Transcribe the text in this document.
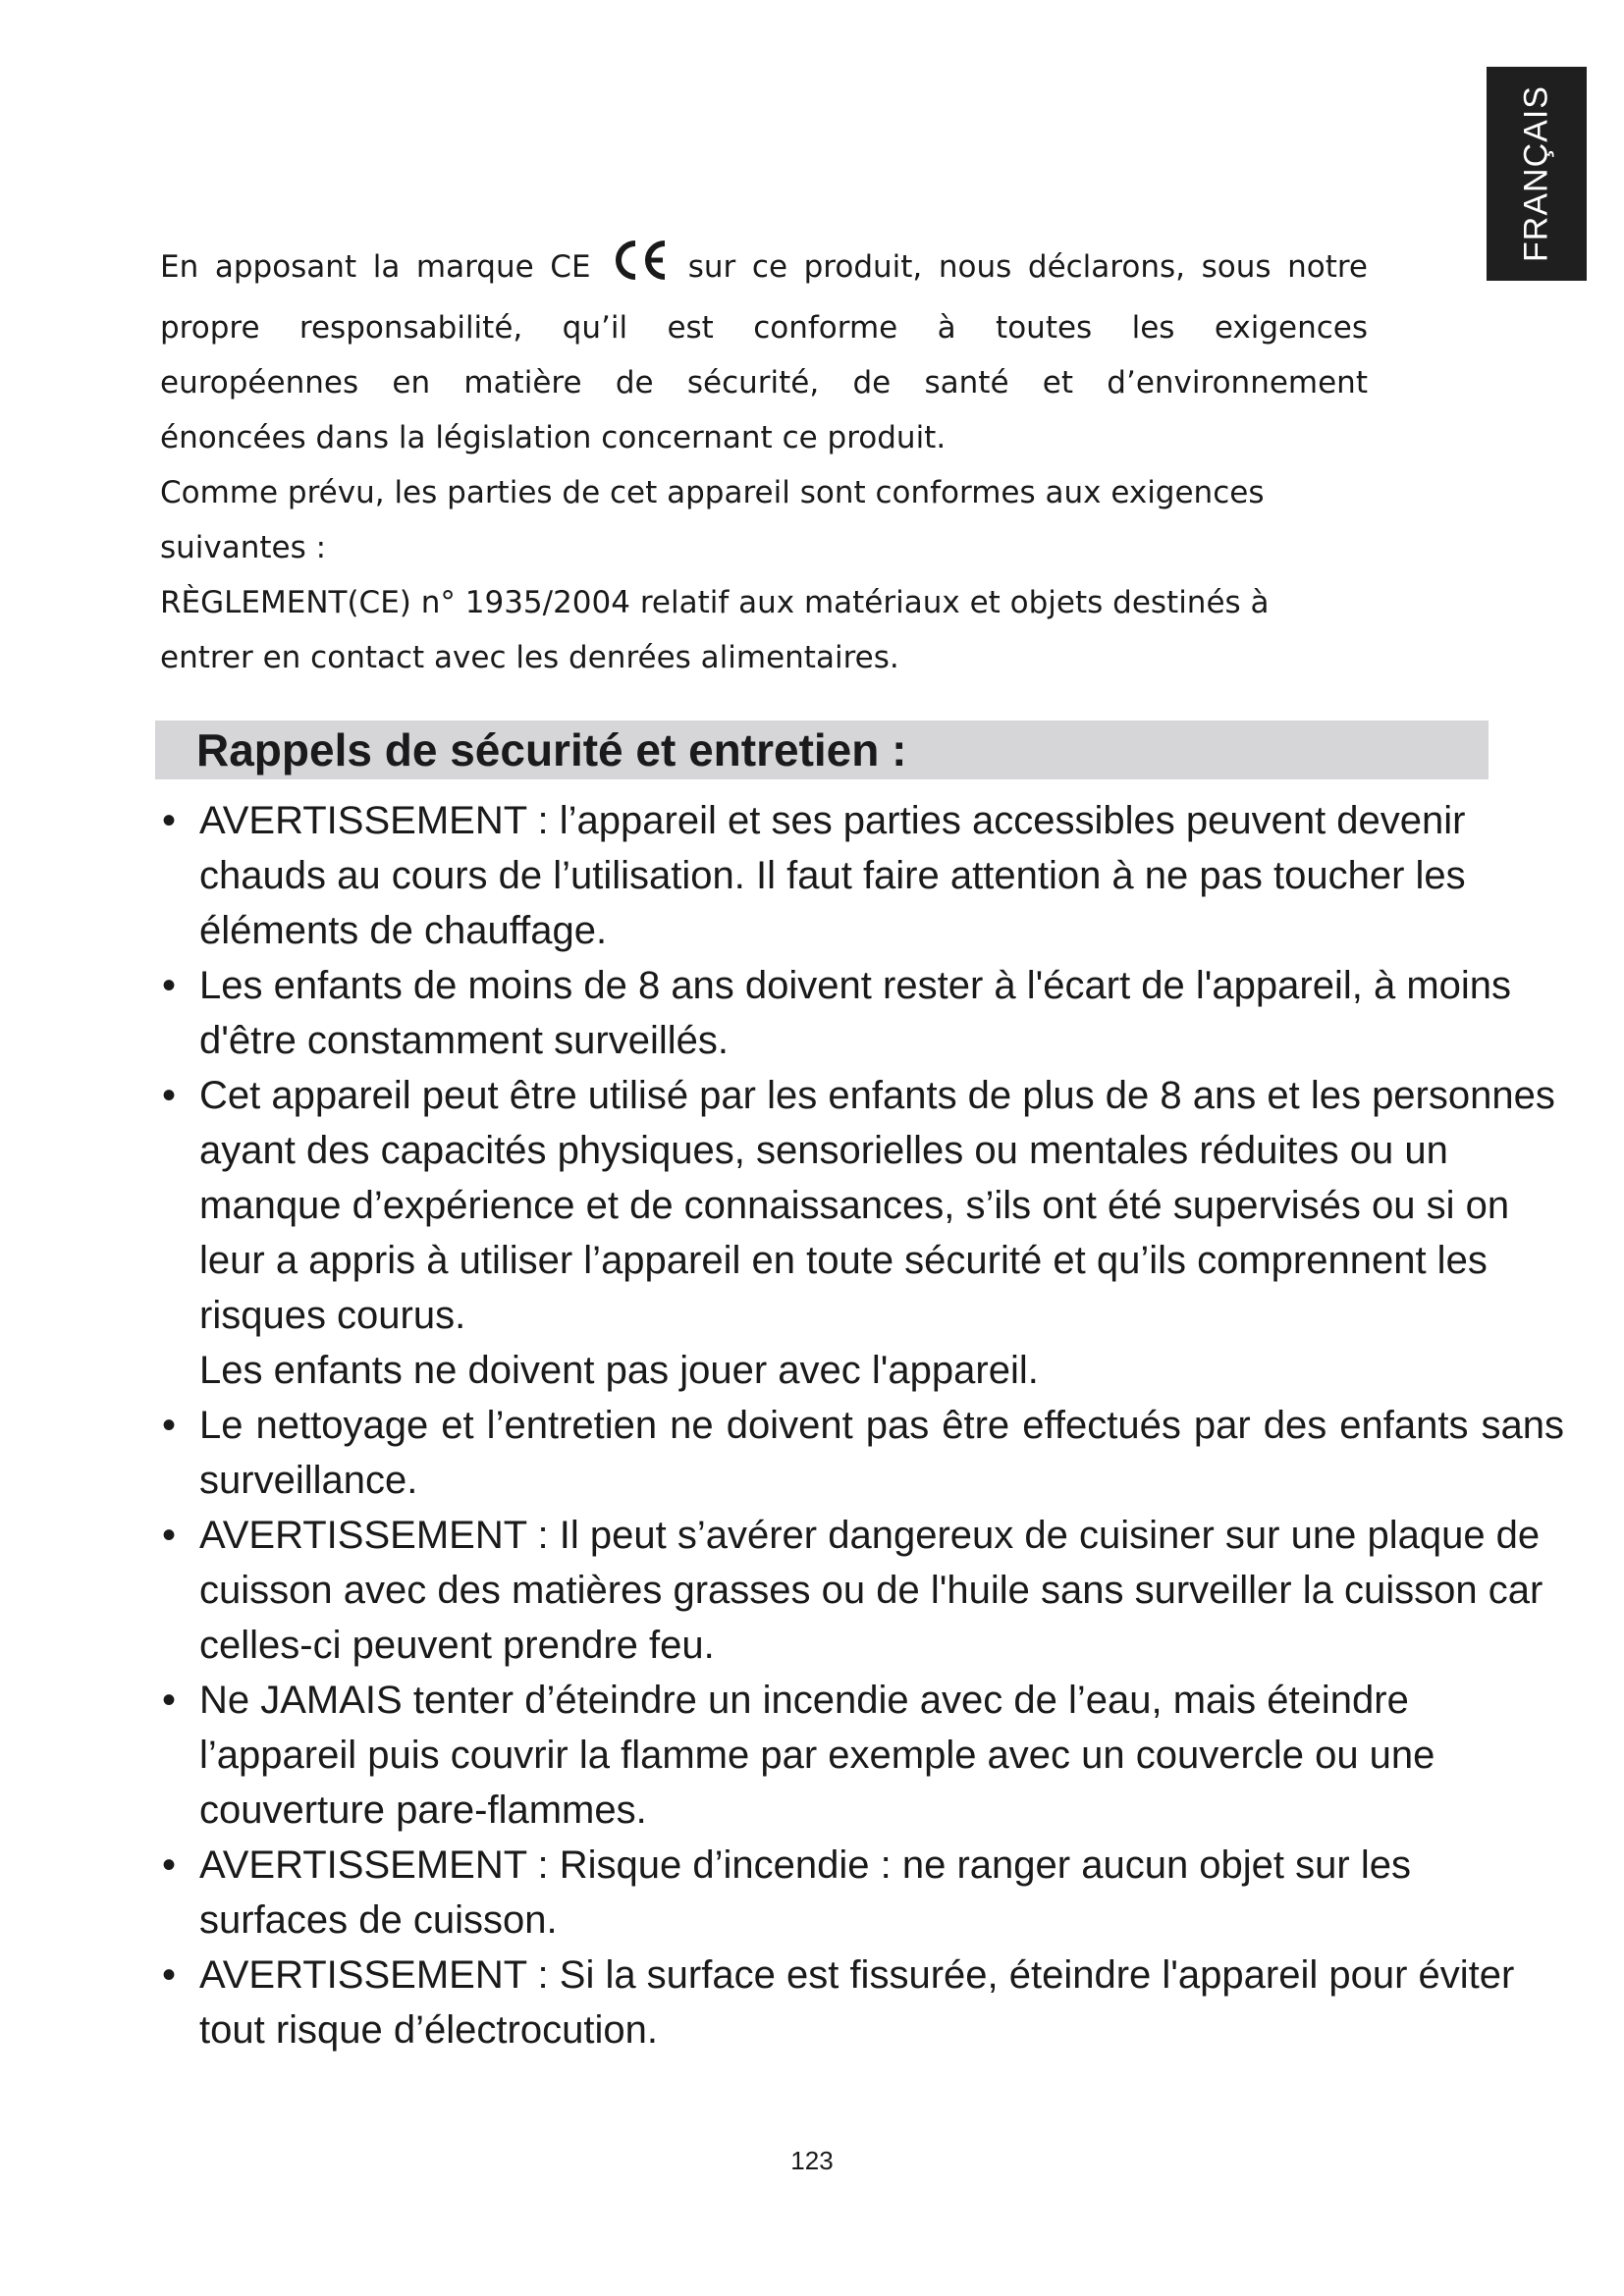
FRANÇAIS

En apposant la marque CE  sur ce produit, nous déclarons, sous notre

propre responsabilité, qu’il est conforme à toutes les exigences

européennes en matière de sécurité, de santé et d’environnement

énoncées dans la législation concernant ce produit.

Comme prévu, les parties de cet appareil sont conformes aux exigences suivantes :

RÈGLEMENT(CE) n° 1935/2004 relatif aux matériaux et objets destinés à entrer en contact avec les denrées alimentaires.

Rappels de sécurité et entretien :
• AVERTISSEMENT : l’appareil et ses parties accessibles peuvent devenir chauds au cours de l’utilisation. Il faut faire attention à ne pas toucher les éléments de chauffage.
• Les enfants de moins de 8 ans doivent rester à l'écart de l'appareil, à moins d'être constamment surveillés.
• Cet appareil peut être utilisé par les enfants de plus de 8 ans et les personnes ayant des capacités physiques, sensorielles ou mentales réduites ou un manque d’expérience et de connaissances, s’ils ont été supervisés ou si on leur a appris à utiliser l’appareil en toute sécurité et qu’ils comprennent les risques courus.
Les enfants ne doivent pas jouer avec l'appareil.
• Le nettoyage et l’entretien ne doivent pas être effectués par des enfants sans surveillance.
• AVERTISSEMENT : Il peut s’avérer dangereux de cuisiner sur une plaque de cuisson avec des matières grasses ou de l'huile sans surveiller la cuisson car celles-ci peuvent prendre feu.
• Ne JAMAIS tenter d’éteindre un incendie avec de l’eau, mais éteindre l’appareil puis couvrir la flamme par exemple avec un couvercle ou une couverture pare-flammes.
• AVERTISSEMENT : Risque d’incendie : ne ranger aucun objet sur les surfaces de cuisson.
• AVERTISSEMENT : Si la surface est fissurée, éteindre l'appareil pour éviter tout risque d’électrocution.
123
